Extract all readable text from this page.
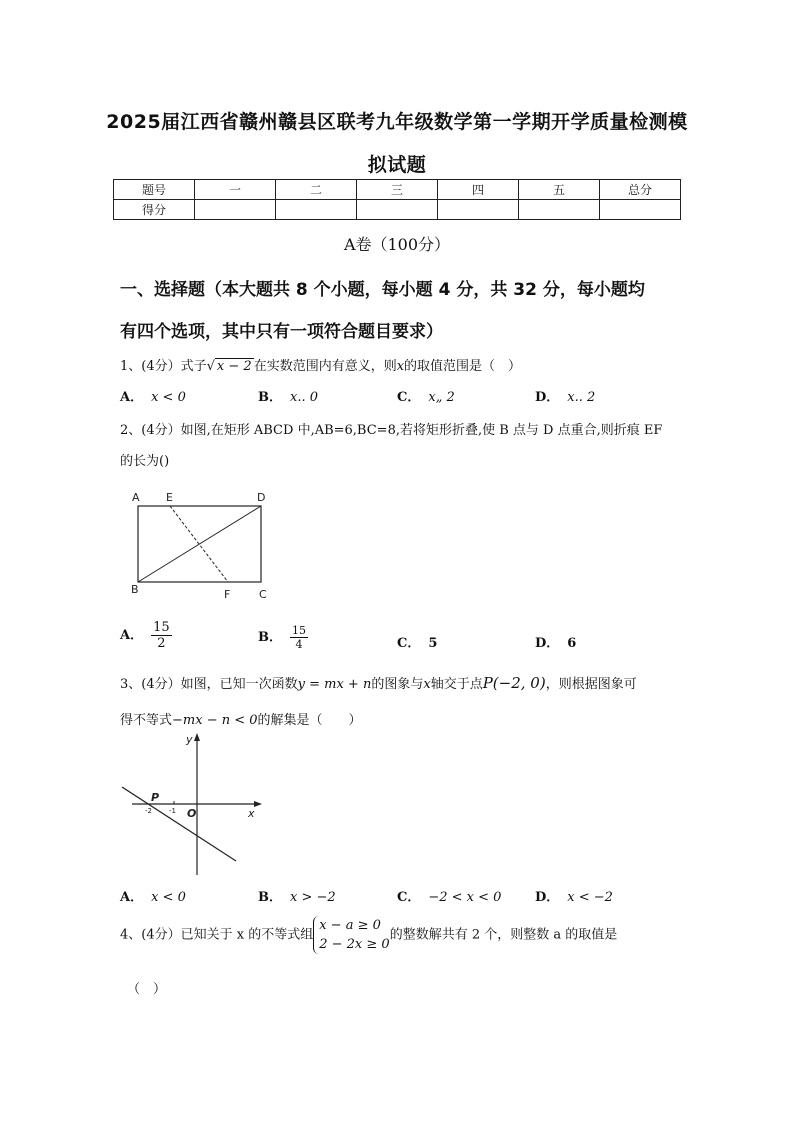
2025届江西省赣州赣县区联考九年级数学第一学期开学质量检测模
拟试题
题号	一	二	三	四	五	总分
得分						
A卷（100分）
一、选择题（本大题共 8 个小题，每小题 4 分，共 32 分，每小题均
有四个选项，其中只有一项符合题目要求）
1、(4分）式子√ x − 2 在实数范围内有意义，则x的取值范围是（　）
A． x < 0	B． x.. 0	C． x„ 2	D． x.. 2
2、(4分）如图,在矩形 ABCD 中,AB=6,BC=8,若将矩形折叠,使 B 点与 D 点重合,则折痕 EF
的长为()
A E	D
B	F	C
A． $\frac{15}{2}$	B． $\frac{15}{4}$	C． 5	D． 6
3、(4分）如图，已知一次函数y = mx + n的图象与x轴交于点P(−2, 0)，则根据图象可
得不等式−mx − n < 0的解集是（　　）
y
x
P
O
-2 -1
A． x < 0	B． x > −2	C． −2 < x < 0	D． x < −2
4、(4分）已知关于 x 的不等式组
x − a ≥ 0
2 − 2x ≥ 0
的整数解共有 2 个，则整数 a 的取值是
（　）
